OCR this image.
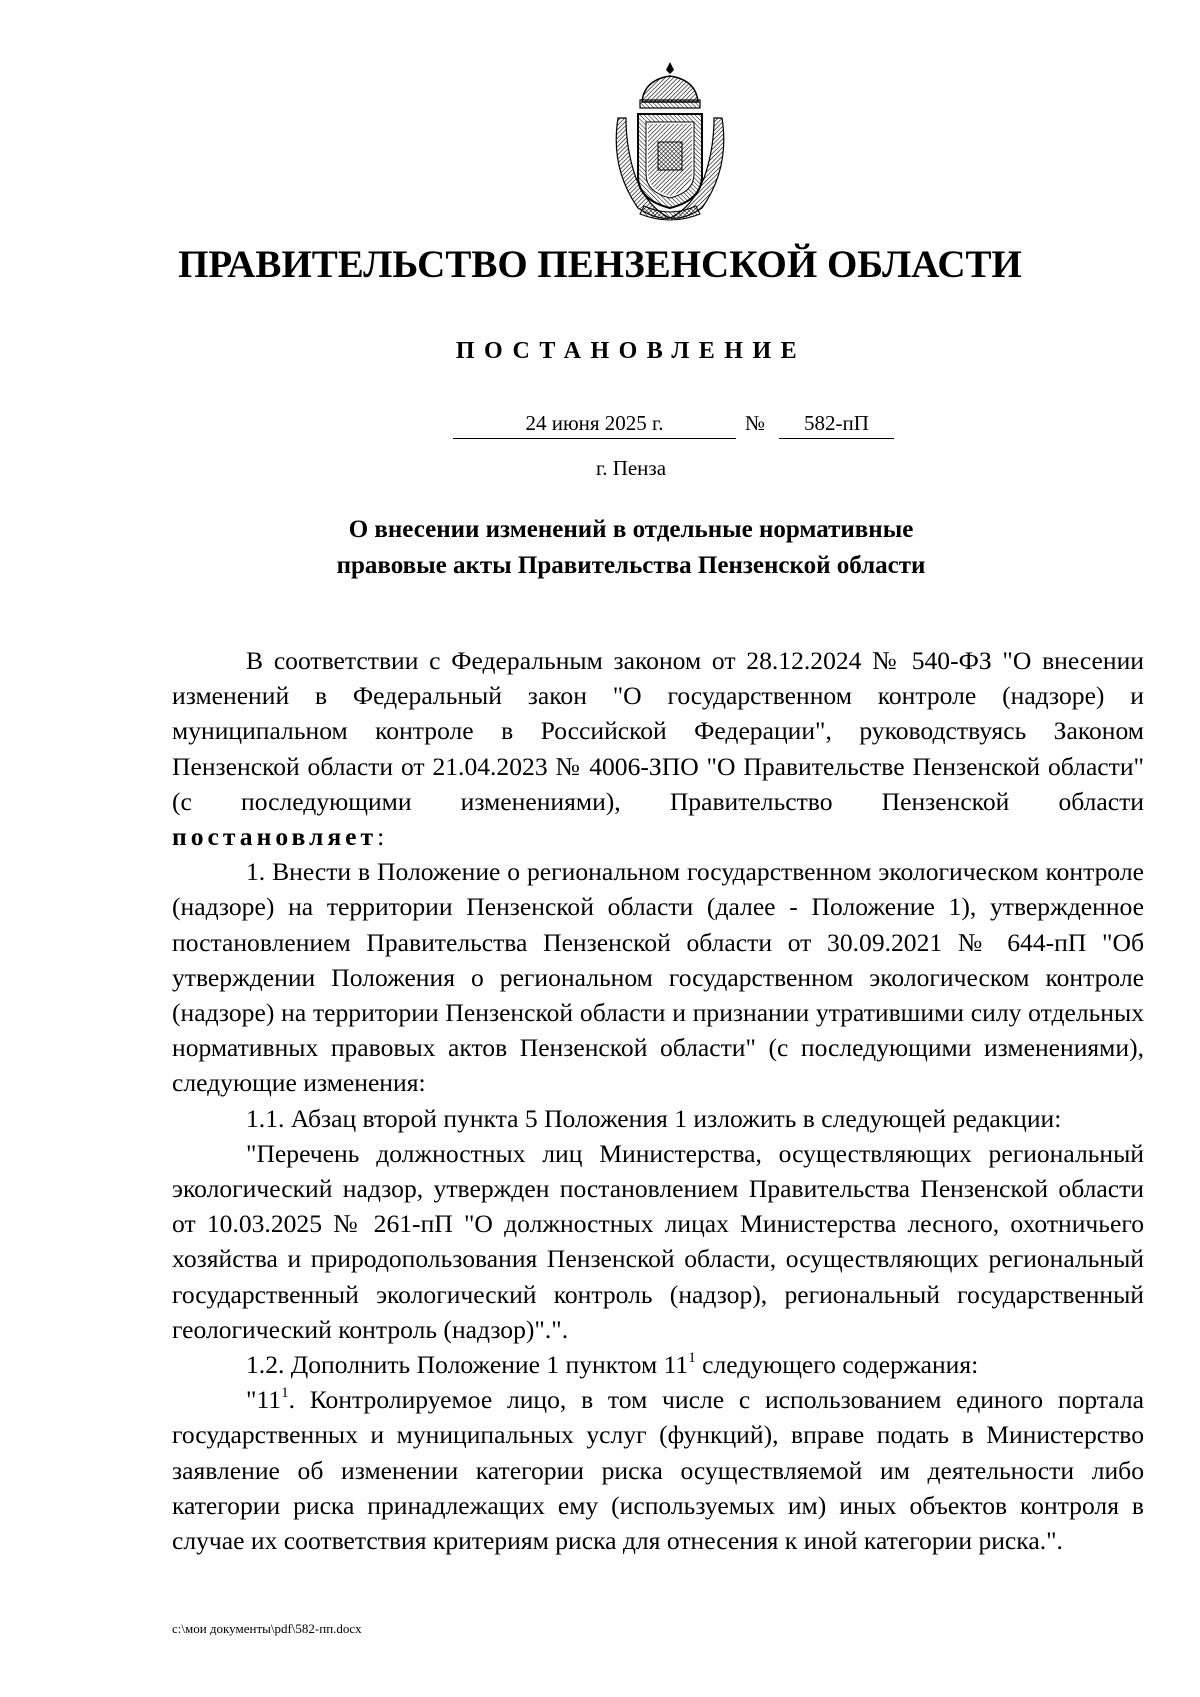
ПРАВИТЕЛЬСТВО ПЕНЗЕНСКОЙ ОБЛАСТИ
ПОСТАНОВЛЕНИЕ
24 июня 2025 г.	№	582-пП
г. Пенза
О внесении изменений в отдельные нормативные
правовые акты Правительства Пензенской области

В соответствии с Федеральным законом от 28.12.2024 № 540-ФЗ "О внесении изменений в Федеральный закон "О государственном контроле (надзоре) и муниципальном контроле в Российской Федерации", руководствуясь Законом Пензенской области от 21.04.2023 № 4006-ЗПО "О Правительстве Пензенской области" (с последующими изменениями), Правительство Пензенской области постановляет:

1. Внести в Положение о региональном государственном экологическом контроле (надзоре) на территории Пензенской области (далее - Положение 1), утвержденное постановлением Правительства Пензенской области от 30.09.2021 № 644-пП "Об утверждении Положения о региональном государственном экологическом контроле (надзоре) на территории Пензенской области и признании утратившими силу отдельных нормативных правовых актов Пензенской области" (с последующими изменениями), следующие изменения:

1.1. Абзац второй пункта 5 Положения 1 изложить в следующей редакции:

"Перечень должностных лиц Министерства, осуществляющих региональный экологический надзор, утвержден постановлением Правительства Пензенской области от 10.03.2025 № 261-пП "О должностных лицах Министерства лесного, охотничьего хозяйства и природопользования Пензенской области, осуществляющих региональный государственный экологический контроль (надзор), региональный государственный геологический контроль (надзор)".".

1.2. Дополнить Положение 1 пунктом $11^1$ следующего содержания:

"$11^1$. Контролируемое лицо, в том числе с использованием единого портала государственных и муниципальных услуг (функций), вправе подать в Министерство заявление об изменении категории риска осуществляемой им деятельности либо категории риска принадлежащих ему (используемых им) иных объектов контроля в случае их соответствия критериям риска для отнесения к иной категории риска.".

c:\мои документы\pdf\582-пп.docx
